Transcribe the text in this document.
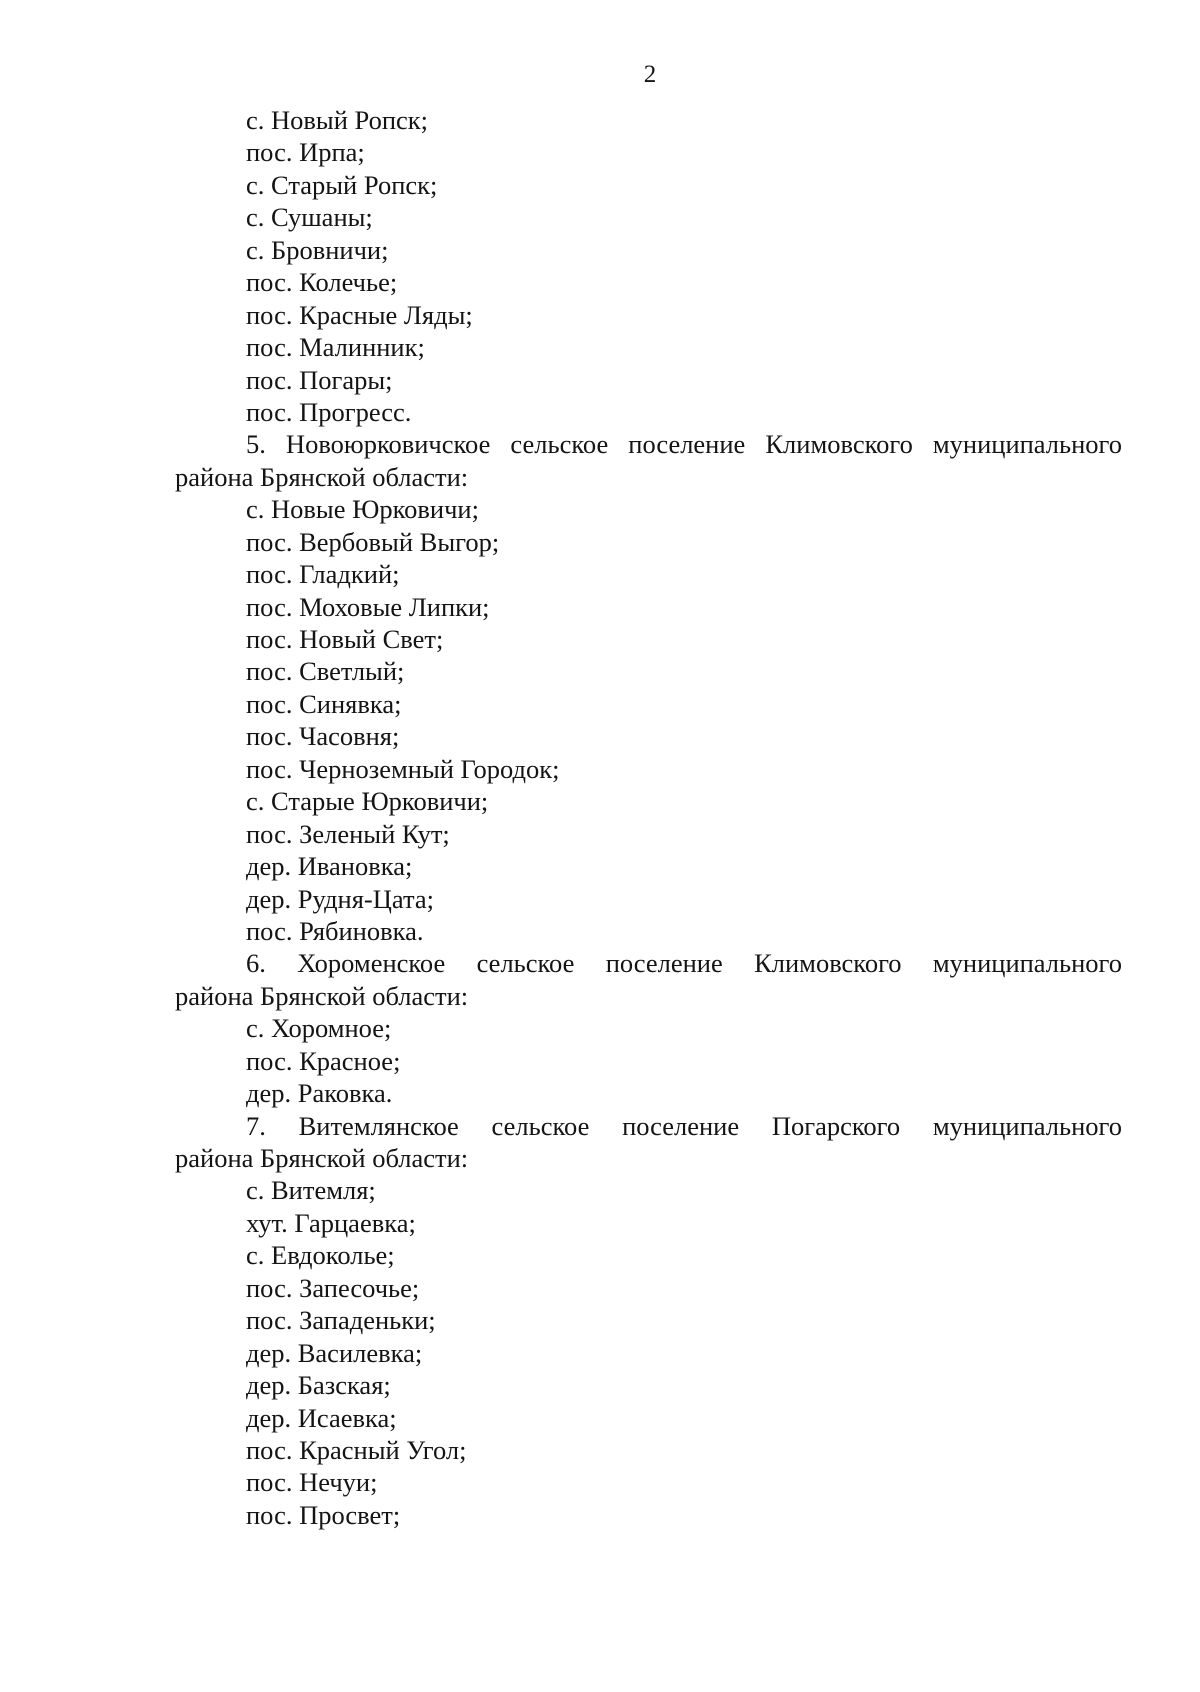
2
с. Новый Ропск;
пос. Ирпа;
с. Старый Ропск;
с. Сушаны;
с. Бровничи;
пос. Колечье;
пос. Красные Ляды;
пос. Малинник;
пос. Погары;
пос. Прогресс.
5. Новоюрковичское сельское поселение Климовского муниципального
района Брянской области:
с. Новые Юрковичи;
пос. Вербовый Выгор;
пос. Гладкий;
пос. Моховые Липки;
пос. Новый Свет;
пос. Светлый;
пос. Синявка;
пос. Часовня;
пос. Черноземный Городок;
с. Старые Юрковичи;
пос. Зеленый Кут;
дер. Ивановка;
дер. Рудня-Цата;
пос. Рябиновка.
6. Хороменское сельское поселение Климовского муниципального
района Брянской области:
с. Хоромное;
пос. Красное;
дер. Раковка.
7. Витемлянское сельское поселение Погарского муниципального
района Брянской области:
с. Витемля;
хут. Гарцаевка;
с. Евдоколье;
пос. Запесочье;
пос. Западеньки;
дер. Василевка;
дер. Базская;
дер. Исаевка;
пос. Красный Угол;
пос. Нечуи;
пос. Просвет;
